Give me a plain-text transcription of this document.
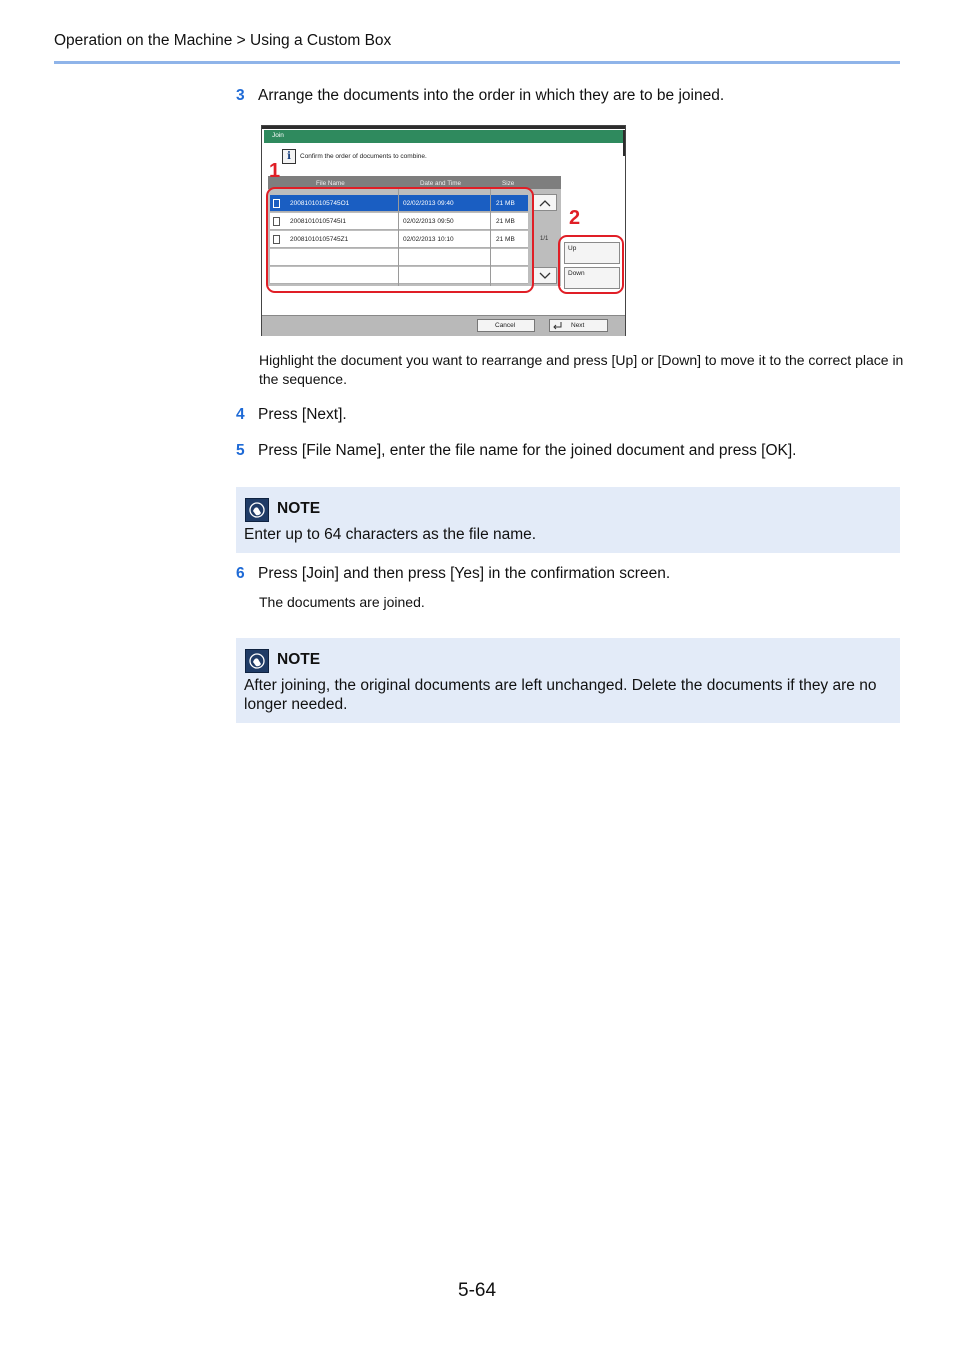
Operation on the Machine > Using a Custom Box
3 Arrange the documents into the order in which they are to be joined.
Join
i	Confirm the order of documents to combine.
File Name	Date and Time	Size
20081010105745O1	02/02/2013 09:40	21 MB
20081010105745I1	02/02/2013 09:50	21 MB
20081010105745Z1	02/02/2013 10:10	21 MB	1/1
Up
Down
Cancel	Next
1
2
Highlight the document you want to rearrange and press [Up] or [Down] to move it to the correct place in the sequence.
4 Press [Next].
5 Press [File Name], enter the file name for the joined document and press [OK].
NOTE
Enter up to 64 characters as the file name.
6 Press [Join] and then press [Yes] in the confirmation screen.
The documents are joined.
NOTE
After joining, the original documents are left unchanged. Delete the documents if they are no longer needed.
5-64
